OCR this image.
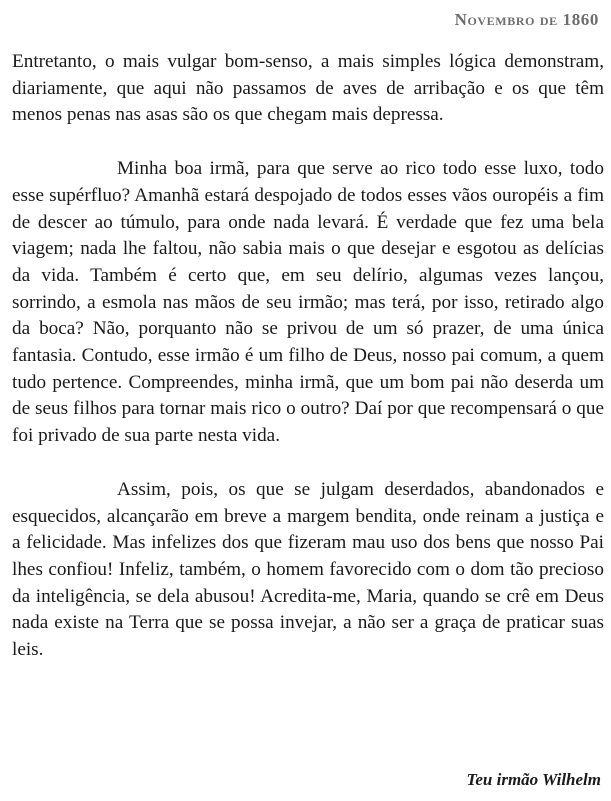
Novembro de 1860

Entretanto, o mais vulgar bom-senso, a mais simples lógica demonstram, diariamente, que aqui não passamos de aves de arribação e os que têm menos penas nas asas são os que chegam mais depressa.

Minha boa irmã, para que serve ao rico todo esse luxo, todo esse supérfluo? Amanhã estará despojado de todos esses vãos ouropéis a fim de descer ao túmulo, para onde nada levará. É verdade que fez uma bela viagem; nada lhe faltou, não sabia mais o que desejar e esgotou as delícias da vida. Também é certo que, em seu delírio, algumas vezes lançou, sorrindo, a esmola nas mãos de seu irmão; mas terá, por isso, retirado algo da boca? Não, porquanto não se privou de um só prazer, de uma única fantasia. Contudo, esse irmão é um filho de Deus, nosso pai comum, a quem tudo pertence. Compreendes, minha irmã, que um bom pai não deserda um de seus filhos para tornar mais rico o outro? Daí por que recompensará o que foi privado de sua parte nesta vida.

Assim, pois, os que se julgam deserdados, abandonados e esquecidos, alcançarão em breve a margem bendita, onde reinam a justiça e a felicidade. Mas infelizes dos que fizeram mau uso dos bens que nosso Pai lhes confiou! Infeliz, também, o homem favorecido com o dom tão precioso da inteligência, se dela abusou! Acredita-me, Maria, quando se crê em Deus nada existe na Terra que se possa invejar, a não ser a graça de praticar suas leis.

Teu irmão Wilhelm
